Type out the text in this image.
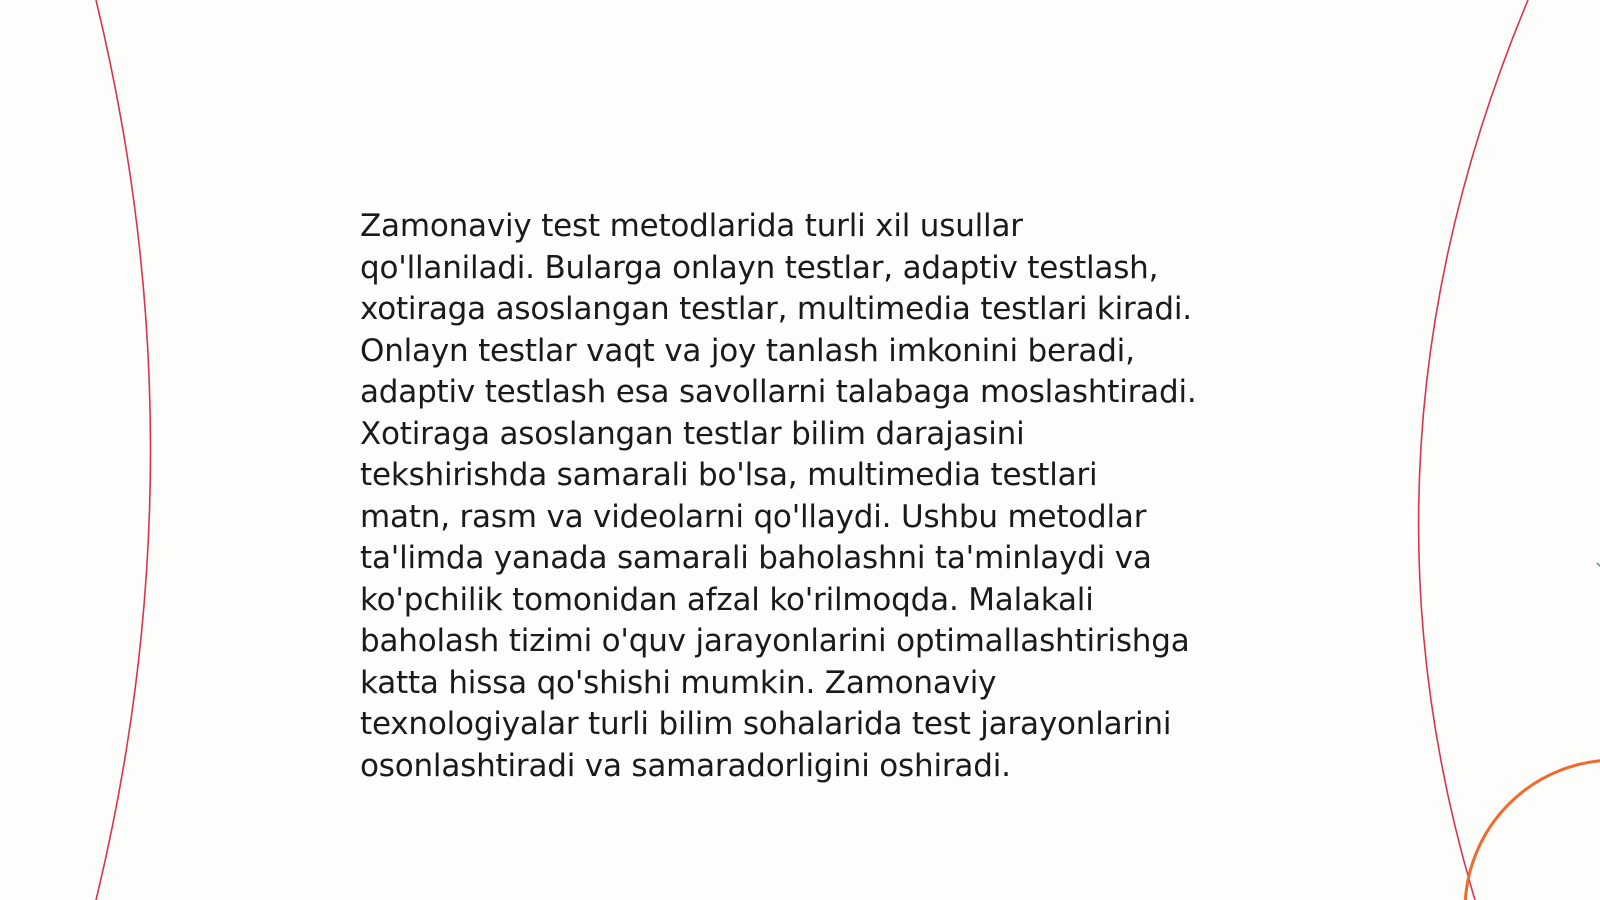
Zamonaviy test metodlarida turli xil usullar
qo'llaniladi. Bularga onlayn testlar, adaptiv testlash,
xotiraga asoslangan testlar, multimedia testlari kiradi.
Onlayn testlar vaqt va joy tanlash imkonini beradi,
adaptiv testlash esa savollarni talabaga moslashtiradi.
Xotiraga asoslangan testlar bilim darajasini
tekshirishda samarali bo'lsa, multimedia testlari
matn, rasm va videolarni qo'llaydi. Ushbu metodlar
ta'limda yanada samarali baholashni ta'minlaydi va
ko'pchilik tomonidan afzal ko'rilmoqda. Malakali
baholash tizimi o'quv jarayonlarini optimallashtirishga
katta hissa qo'shishi mumkin. Zamonaviy
texnologiyalar turli bilim sohalarida test jarayonlarini
osonlashtiradi va samaradorligini oshiradi.
